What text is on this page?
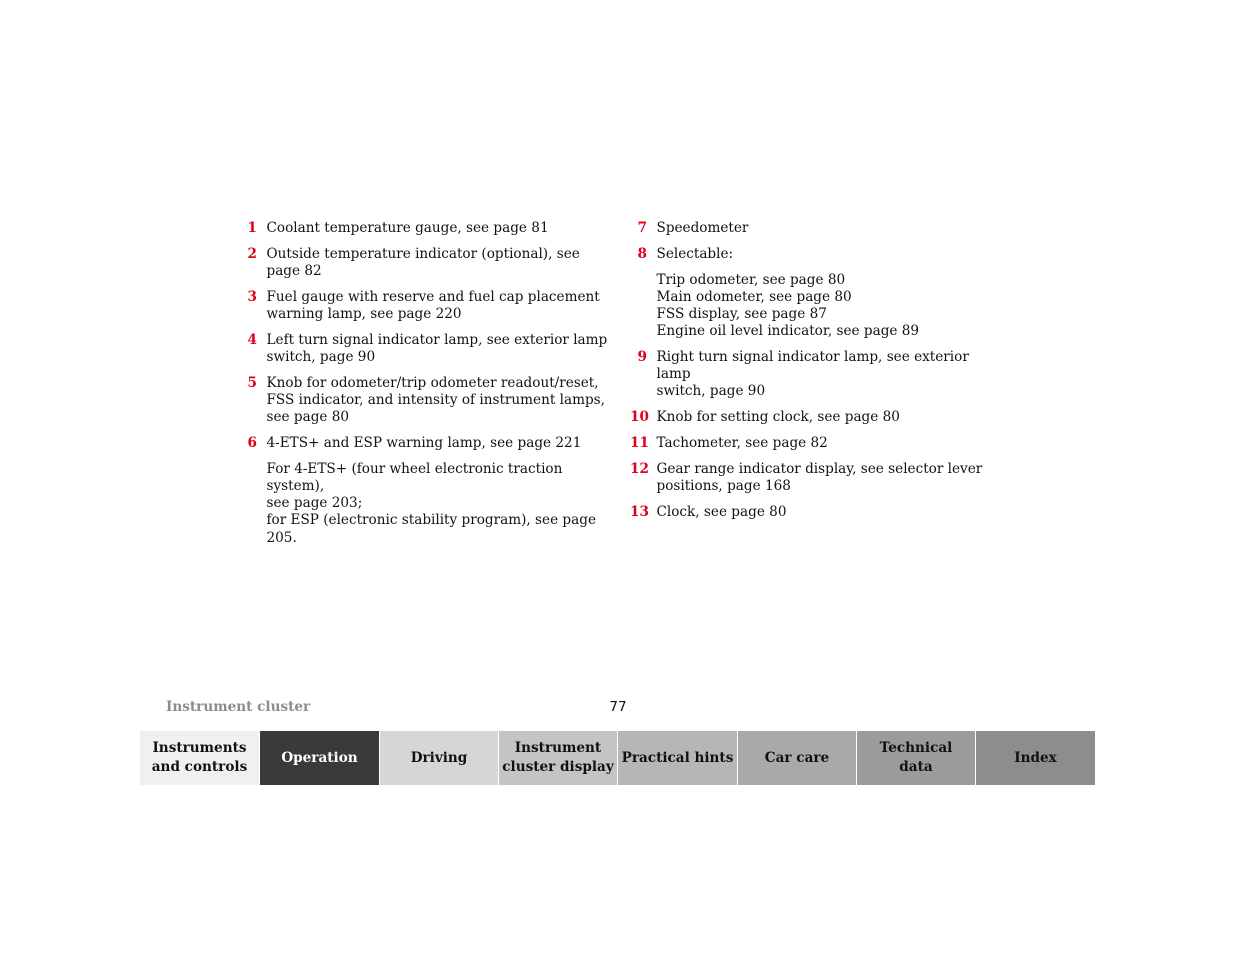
1 Coolant temperature gauge, see page 81
2 Outside temperature indicator (optional), see
page 82
3 Fuel gauge with reserve and fuel cap placement
warning lamp, see page 220
4 Left turn signal indicator lamp, see exterior lamp
switch, page 90
5 Knob for odometer/trip odometer readout/reset,
FSS indicator, and intensity of instrument lamps,
see page 80
6 4-ETS+ and ESP warning lamp, see page 221
For 4-ETS+ (four wheel electronic traction system),
see page 203;
for ESP (electronic stability program), see page 205.
7 Speedometer
8 Selectable:
Trip odometer, see page 80
Main odometer, see page 80
FSS display, see page 87
Engine oil level indicator, see page 89
9 Right turn signal indicator lamp, see exterior lamp
switch, page 90
10 Knob for setting clock, see page 80
11 Tachometer, see page 82
12 Gear range indicator display, see selector lever
positions, page 168
13 Clock, see page 80
Instrument cluster	77
Instruments
and controls
Operation	Driving
Instrument
cluster display
Practical hints Car care
Technical
data
Index
